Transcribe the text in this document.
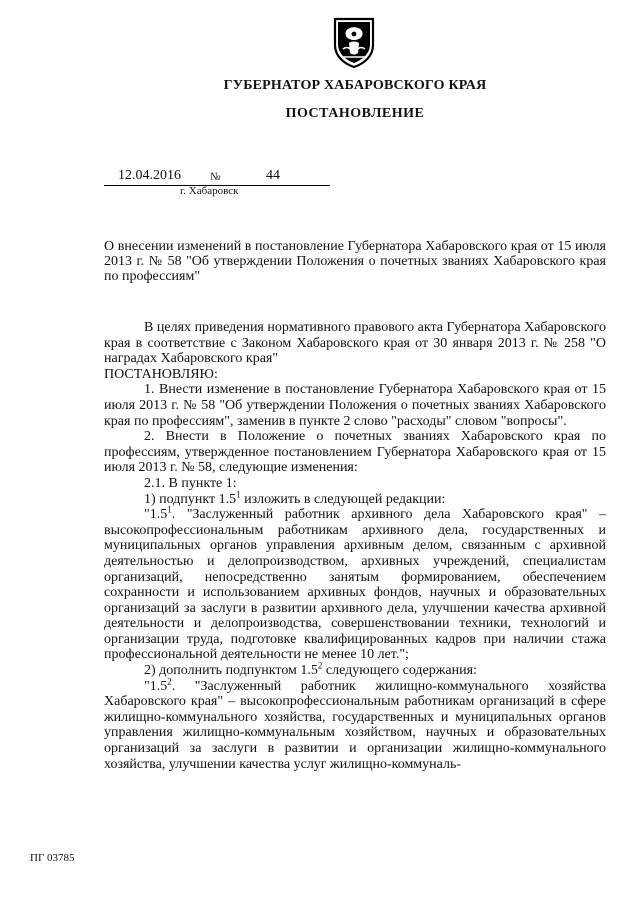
ГУБЕРНАТОР ХАБАРОВСКОГО КРАЯ
ПОСТАНОВЛЕНИЕ
12.04.2016	№	44
г. Хабаровск
О внесении изменений в постановление Губернатора Хабаровского края от 15 июля 2013 г. № 58 "Об утверждении Положения о почетных званиях Хабаровского края по профессиям"

В целях приведения нормативного правового акта Губернатора Хабаровского края в соответствие с Законом Хабаровского края от 30 января 2013 г. № 258 "О наградах Хабаровского края"

ПОСТАНОВЛЯЮ:

1. Внести изменение в постановление Губернатора Хабаровского края от 15 июля 2013 г. № 58 "Об утверждении Положения о почетных званиях Хабаровского края по профессиям", заменив в пункте 2 слово "расходы" словом "вопросы".

2. Внести в Положение о почетных званиях Хабаровского края по профессиям, утвержденное постановлением Губернатора Хабаровского края от 15 июля 2013 г. № 58, следующие изменения:

2.1. В пункте 1:

1) подпункт $1.5^1$ изложить в следующей редакции:

"$1.5^1$. "Заслуженный работник архивного дела Хабаровского края" – высокопрофессиональным работникам архивного дела, государственных и муниципальных органов управления архивным делом, связанным с архивной деятельностью и делопроизводством, архивных учреждений, специалистам организаций, непосредственно занятым формированием, обеспечением сохранности и использованием архивных фондов, научных и образовательных организаций за заслуги в развитии архивного дела, улучшении качества архивной деятельности и делопроизводства, совершенствовании техники, технологий и организации труда, подготовке квалифицированных кадров при наличии стажа профессиональной деятельности не менее 10 лет.";

2) дополнить подпунктом $1.5^2$ следующего содержания:

"$1.5^2$. "Заслуженный работник жилищно-коммунального хозяйства Хабаровского края" – высокопрофессиональным работникам организаций в сфере жилищно-коммунального хозяйства, государственных и муниципальных органов управления жилищно-коммунальным хозяйством, научных и образовательных организаций за заслуги в развитии и организации жилищно-коммунального хозяйства, улучшении качества услуг жилищно-коммуналь-

ПГ 03785
